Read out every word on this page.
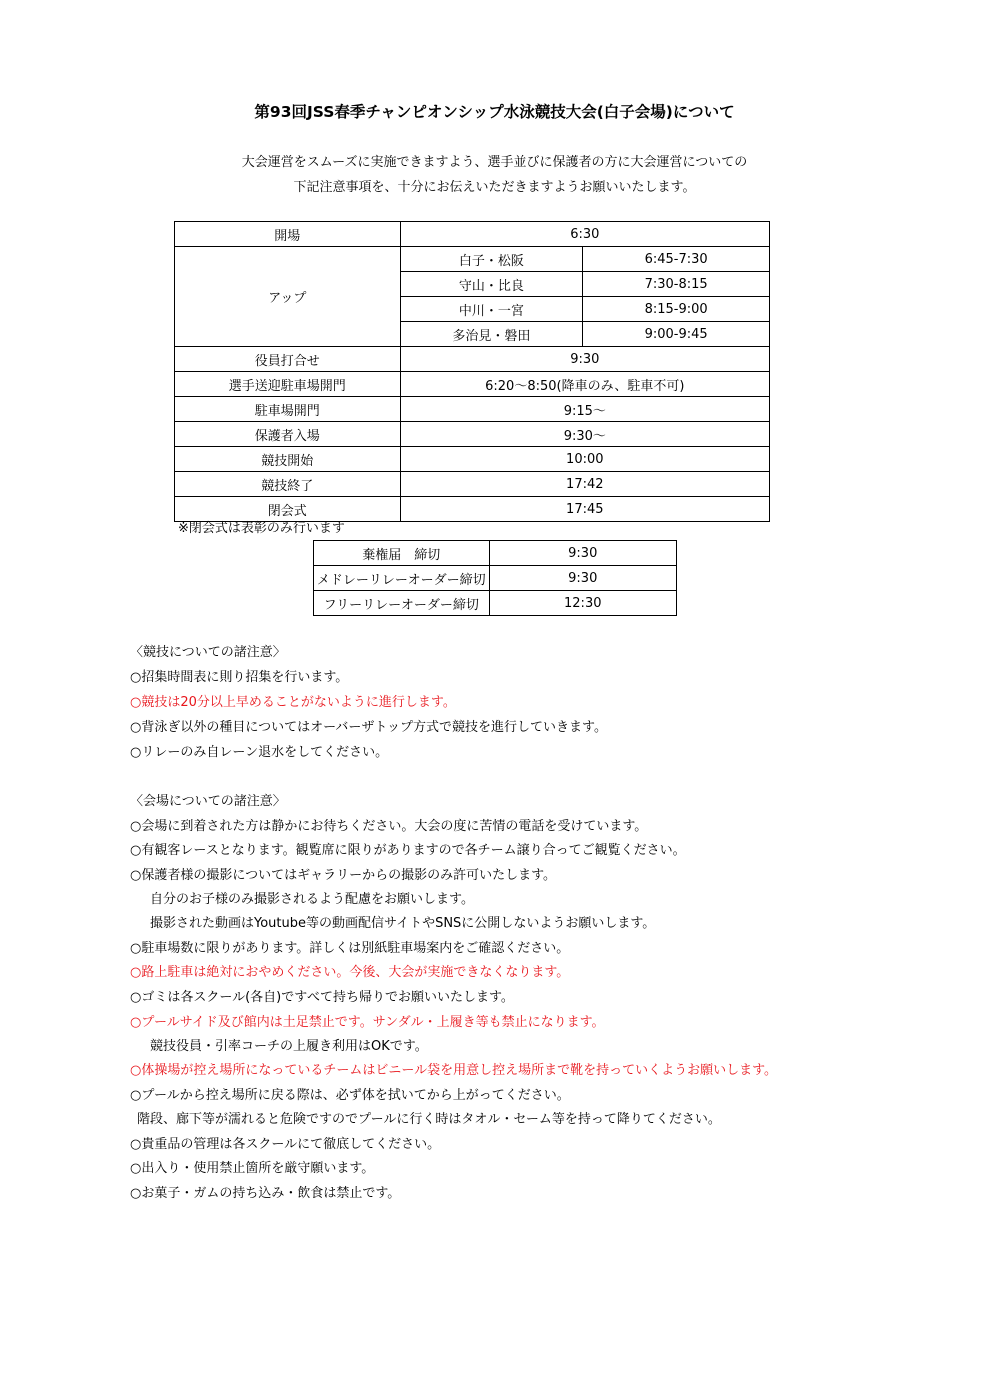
第93回JSS春季チャンピオンシップ水泳競技大会(白子会場)について
大会運営をスムーズに実施できますよう、選手並びに保護者の方に大会運営についての
下記注意事項を、十分にお伝えいただきますようお願いいたします。
開場	6:30	
アップ	白子・松阪	6:45-7:30
	守山・比良	7:30-8:15
	中川・一宮	8:15-9:00
	多治見・磐田	9:00-9:45
役員打合せ	9:30	
選手送迎駐車場開門	6:20～8:50(降車のみ、駐車不可)	
駐車場開門	9:15～	
保護者入場	9:30～	
競技開始	10:00	
競技終了	17:42	
閉会式	17:45	
※閉会式は表彰のみ行います
棄権届　締切	9:30
メドレーリレーオーダー締切	9:30
フリーリレーオーダー締切	12:30
〈競技についての諸注意〉
○招集時間表に則り招集を行います。
○競技は20分以上早めることがないように進行します。
○背泳ぎ以外の種目についてはオーバーザトップ方式で競技を進行していきます。
○リレーのみ自レーン退水をしてください。
〈会場についての諸注意〉
○会場に到着された方は静かにお待ちください。大会の度に苦情の電話を受けています。
○有観客レースとなります。観覧席に限りがありますので各チーム譲り合ってご観覧ください。
○保護者様の撮影についてはギャラリーからの撮影のみ許可いたします。
自分のお子様のみ撮影されるよう配慮をお願いします。
撮影された動画はYoutube等の動画配信サイトやSNSに公開しないようお願いします。
○駐車場数に限りがあります。詳しくは別紙駐車場案内をご確認ください。
○路上駐車は絶対におやめください。今後、大会が実施できなくなります。
○ゴミは各スクール(各自)ですべて持ち帰りでお願いいたします。
○プールサイド及び館内は土足禁止です。サンダル・上履き等も禁止になります。
競技役員・引率コーチの上履き利用はOKです。
○体操場が控え場所になっているチームはビニール袋を用意し控え場所まで靴を持っていくようお願いします。
○プールから控え場所に戻る際は、必ず体を拭いてから上がってください。
階段、廊下等が濡れると危険ですのでプールに行く時はタオル・セーム等を持って降りてください。
○貴重品の管理は各スクールにて徹底してください。
○出入り・使用禁止箇所を厳守願います。
○お菓子・ガムの持ち込み・飲食は禁止です。
